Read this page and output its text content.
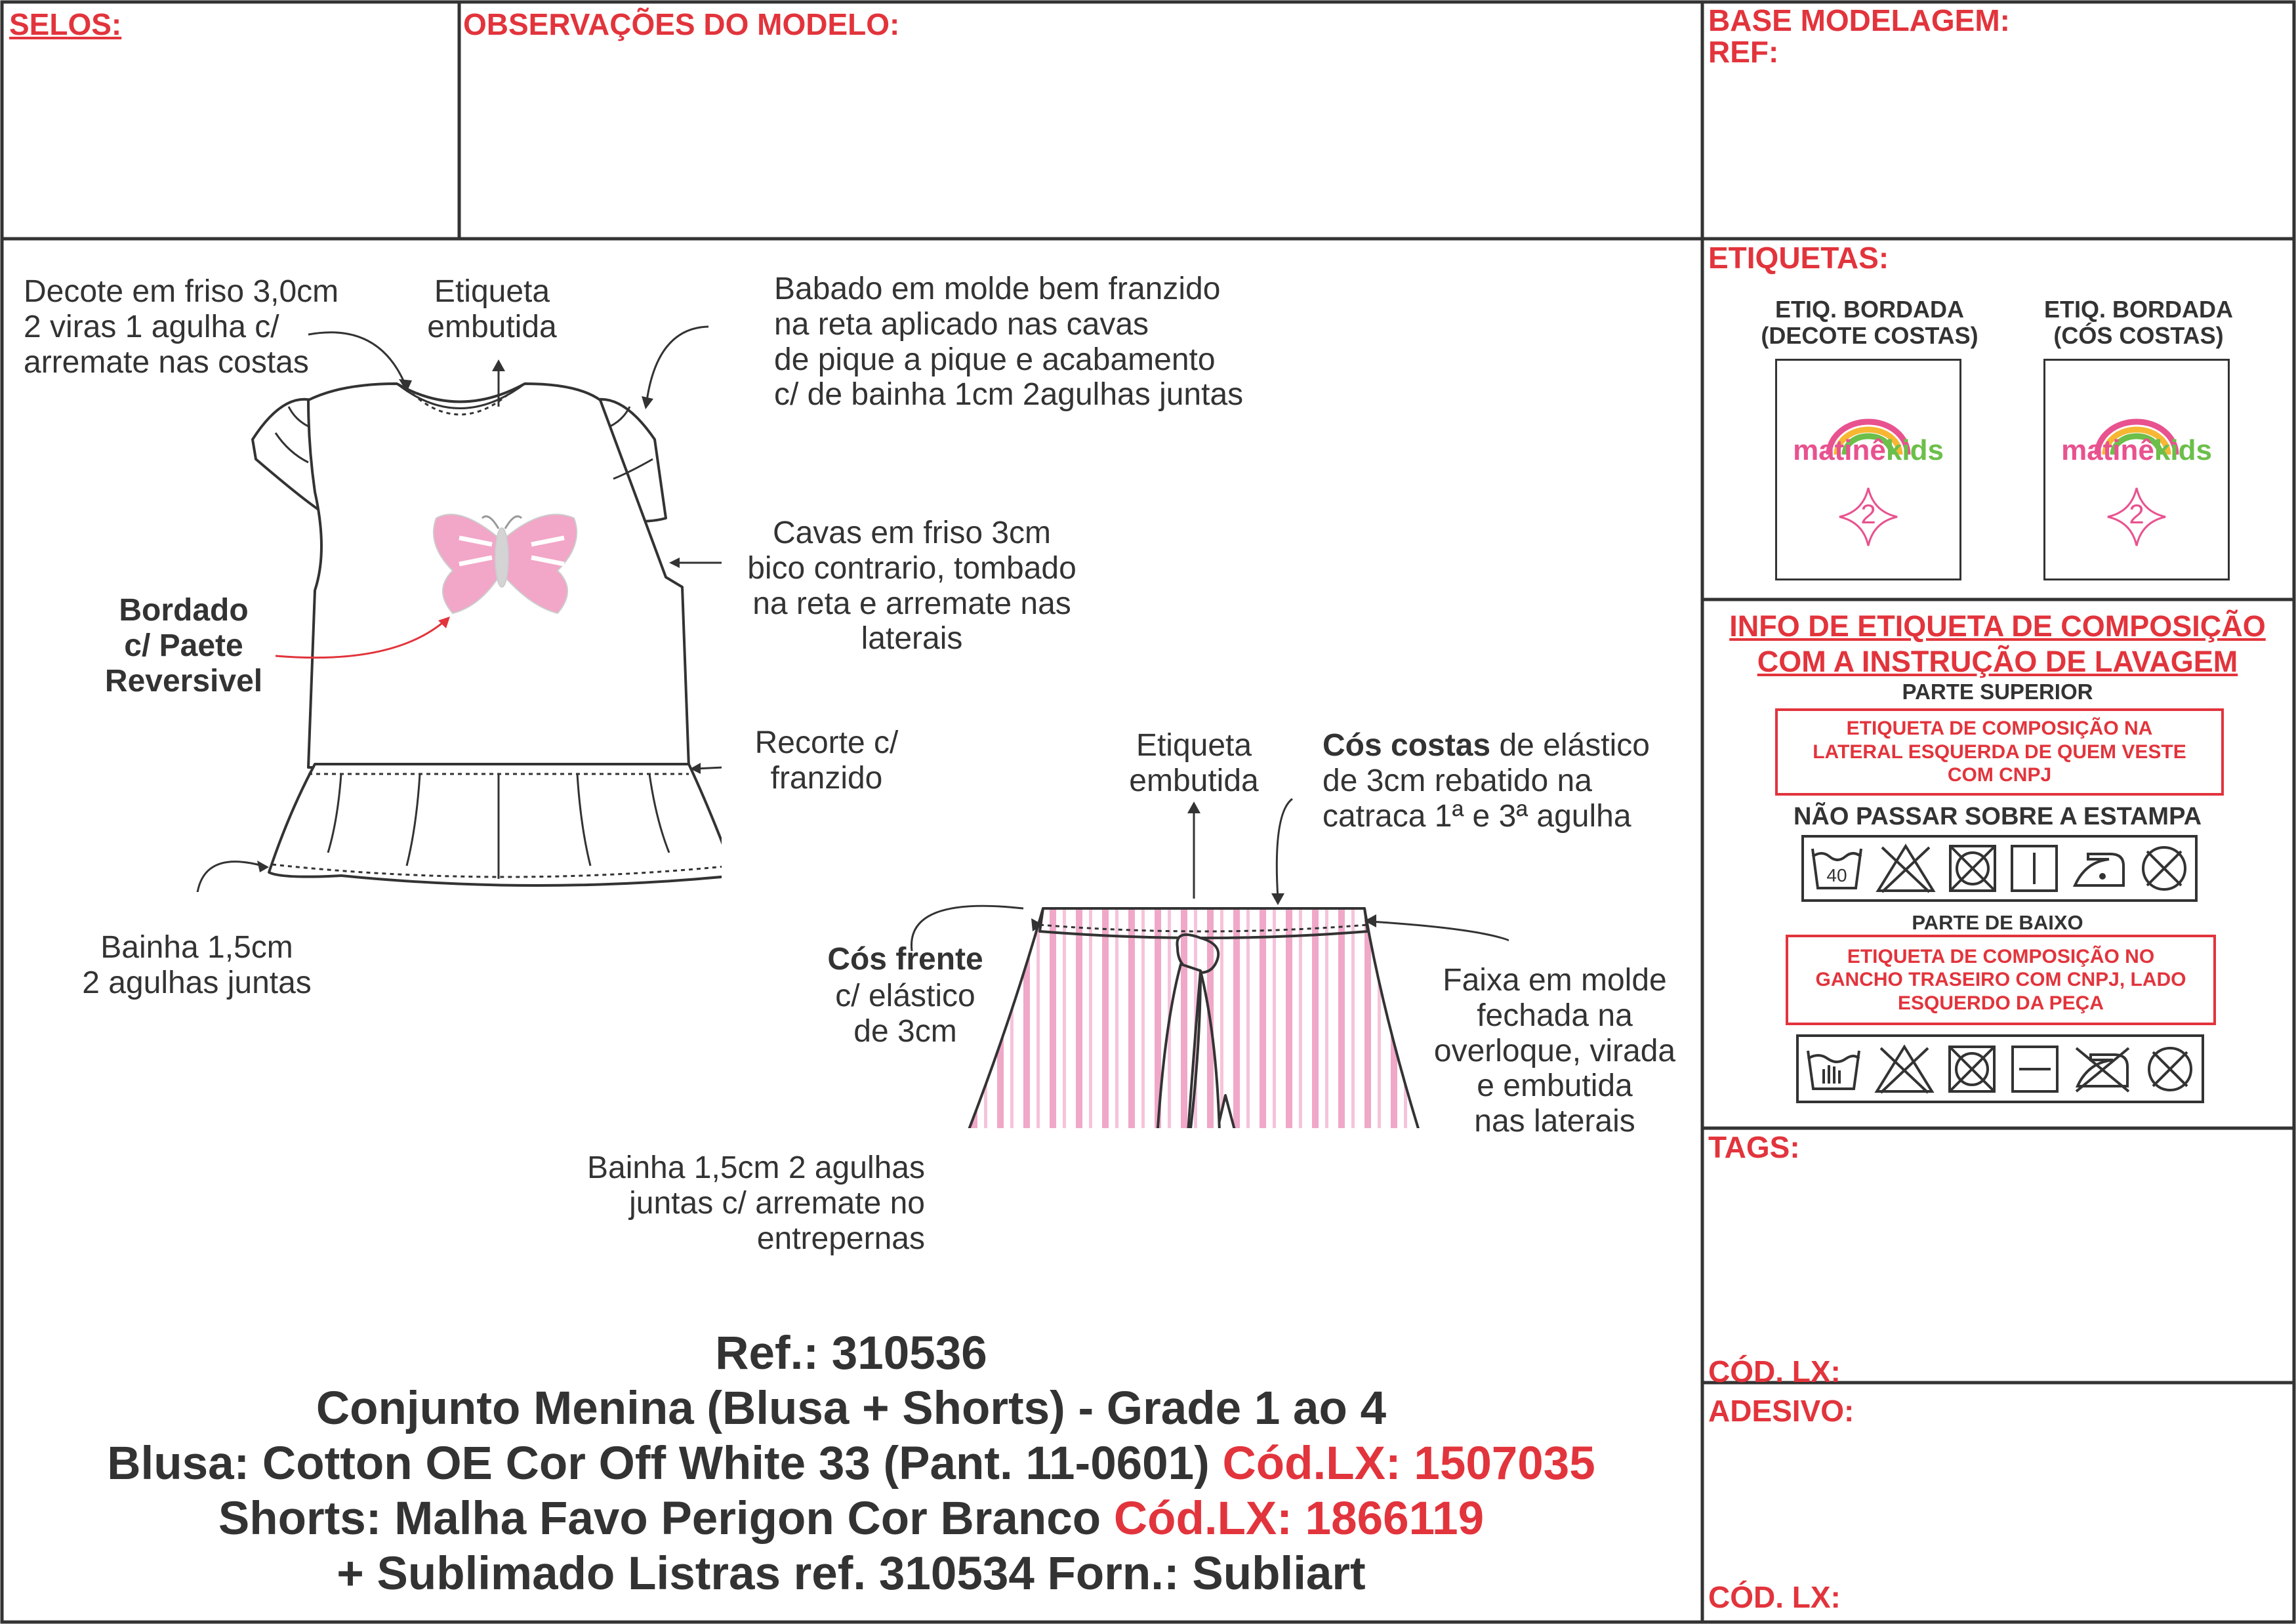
SELOS:	OBSERVAÇÕES DO MODELO:	BASE MODELAGEM:

REF:

ETIQUETAS:

TAGS:

CÓD. LX:

ADESIVO:

CÓD. LX:

ETIQ. BORDADA
(DECOTE COSTAS)

ETIQ. BORDADA
(CÓS COSTAS)

matinêkids

2

matinêkids

2

INFO DE ETIQUETA DE COMPOSIÇÃO
COM A INSTRUÇÃO DE LAVAGEM

PARTE SUPERIOR

ETIQUETA DE COMPOSIÇÃO NA
LATERAL ESQUERDA DE QUEM VESTE
COM CNPJ

NÃO PASSAR SOBRE A ESTAMPA

40

PARTE DE BAIXO

ETIQUETA DE COMPOSIÇÃO NO
GANCHO TRASEIRO COM CNPJ, LADO
ESQUERDO DA PEÇA

Decote em friso 3,0cm
2 viras 1 agulha c/
arremate nas costas

Etiqueta
embutida

Babado em molde bem franzido
na reta aplicado nas cavas
de pique a pique e acabamento
c/ de bainha 1cm 2agulhas juntas

Cavas em friso 3cm
bico contrario, tombado
na reta e arremate nas
laterais

Bordado
c/ Paete
Reversivel

Recorte c/
franzido

Bainha 1,5cm
2 agulhas juntas

Etiqueta
embutida

Cós costas de elástico
de 3cm rebatido na
catraca 1ª e 3ª agulha

Cós frente

c/ elástico
de 3cm

Faixa em molde
fechada na
overloque, virada
e embutida
nas laterais

Bainha 1,5cm 2 agulhas
juntas c/ arremate no
entrepernas

Ref.: 310536

Conjunto Menina (Blusa + Shorts) - Grade 1 ao 4

Blusa: Cotton OE Cor Off White 33 (Pant. 11-0601) Cód.LX: 1507035

Shorts: Malha Favo Perigon Cor Branco Cód.LX: 1866119

+ Sublimado Listras ref. 310534 Forn.: Subliart
